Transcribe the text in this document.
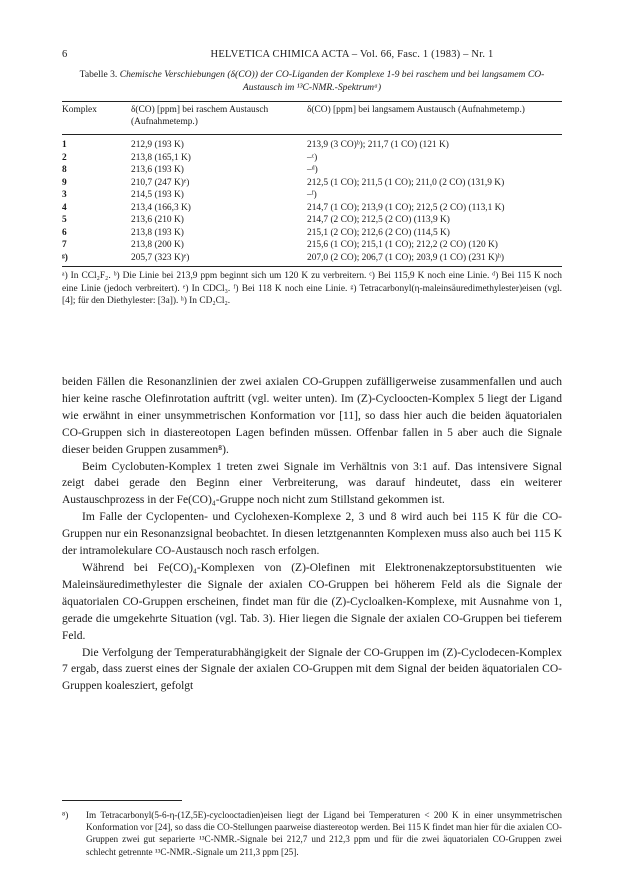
6	HELVETICA CHIMICA ACTA – Vol. 66, Fasc. 1 (1983) – Nr. 1
Tabelle 3. Chemische Verschiebungen (δ(CO)) der CO-Liganden der Komplexe 1-9 bei raschem und bei langsamem CO-Austausch im ¹³C-NMR.-Spektrumᵃ)
Komplex	δ(CO) [ppm] bei raschem Austausch (Aufnahmetemp.)	δ(CO) [ppm] bei langsamem Austausch (Aufnahmetemp.)
1	212,9 (193 K)	213,9 (3 CO)ᵇ); 211,7 (1 CO) (121 K)
2	213,8 (165,1 K)	–ᶜ)
8	213,6 (193 K)	–ᵈ)
9	210,7 (247 K)ᵉ)	212,5 (1 CO); 211,5 (1 CO); 211,0 (2 CO) (131,9 K)
3	214,5 (193 K)	–ᶠ)
4	213,4 (166,3 K)	214,7 (1 CO); 213,9 (1 CO); 212,5 (2 CO) (113,1 K)
5	213,6 (210 K)	214,7 (2 CO); 212,5 (2 CO) (113,9 K)
6	213,8 (193 K)	215,1 (2 CO); 212,6 (2 CO) (114,5 K)
7	213,8 (200 K)	215,6 (1 CO); 215,1 (1 CO); 212,2 (2 CO) (120 K)
ᵍ)	205,7 (323 K)ᵉ)	207,0 (2 CO); 206,7 (1 CO); 203,9 (1 CO) (231 K)ʰ)
ᵃ) In CCl₂F₂. ᵇ) Die Linie bei 213,9 ppm beginnt sich um 120 K zu verbreitern. ᶜ) Bei 115,9 K noch eine Linie. ᵈ) Bei 115 K noch eine Linie (jedoch verbreitert). ᵉ) In CDCl₃. ᶠ) Bei 118 K noch eine Linie. ᵍ) Tetracarbonyl(η-maleinsäuredimethylester)eisen (vgl. [4]; für den Diethylester: [3a]). ʰ) In CD₂Cl₂.

beiden Fällen die Resonanzlinien der zwei axialen CO-Gruppen zufälligerweise zusammenfallen und auch hier keine rasche Olefinrotation auftritt (vgl. weiter unten). Im (Z)-Cycloocten-Komplex 5 liegt der Ligand wie erwähnt in einer unsymmetrischen Konformation vor [11], so dass hier auch die beiden äquatorialen CO-Gruppen sich in diastereotopen Lagen befinden müssen. Offenbar fallen in 5 aber auch die Signale dieser beiden Gruppen zusammen⁸).

Beim Cyclobuten-Komplex 1 treten zwei Signale im Verhältnis von 3:1 auf. Das intensivere Signal zeigt dabei gerade den Beginn einer Verbreiterung, was darauf hindeutet, dass ein weiterer Austauschprozess in der Fe(CO)₄-Gruppe noch nicht zum Stillstand gekommen ist.

Im Falle der Cyclopenten- und Cyclohexen-Komplexe 2, 3 und 8 wird auch bei 115 K für die CO-Gruppen nur ein Resonanzsignal beobachtet. In diesen letztgenannten Komplexen muss also auch bei 115 K der intramolekulare CO-Austausch noch rasch erfolgen.

Während bei Fe(CO)₄-Komplexen von (Z)-Olefinen mit Elektronenakzeptorsubstituenten wie Maleinsäuredimethylester die Signale der axialen CO-Gruppen bei höherem Feld als die Signale der äquatorialen CO-Gruppen erscheinen, findet man für die (Z)-Cycloalken-Komplexe, mit Ausnahme von 1, gerade die umgekehrte Situation (vgl. Tab. 3). Hier liegen die Signale der axialen CO-Gruppen bei tieferem Feld.

Die Verfolgung der Temperaturabhängigkeit der Signale der CO-Gruppen im (Z)-Cyclodecen-Komplex 7 ergab, dass zuerst eines der Signale der axialen CO-Gruppen mit dem Signal der beiden äquatorialen CO-Gruppen koalesziert, gefolgt

⁸) Im Tetracarbonyl(5-6-η-(1Z,5E)-cyclooctadien)eisen liegt der Ligand bei Temperaturen < 200 K in einer unsymmetrischen Konformation vor [24], so dass die CO-Stellungen paarweise diastereotop werden. Bei 115 K findet man hier für die axialen CO-Gruppen zwei gut separierte ¹³C-NMR.-Signale bei 212,7 und 212,3 ppm und für die zwei äquatorialen CO-Gruppen zwei schlecht getrennte ¹³C-NMR.-Signale um 211,3 ppm [25].
